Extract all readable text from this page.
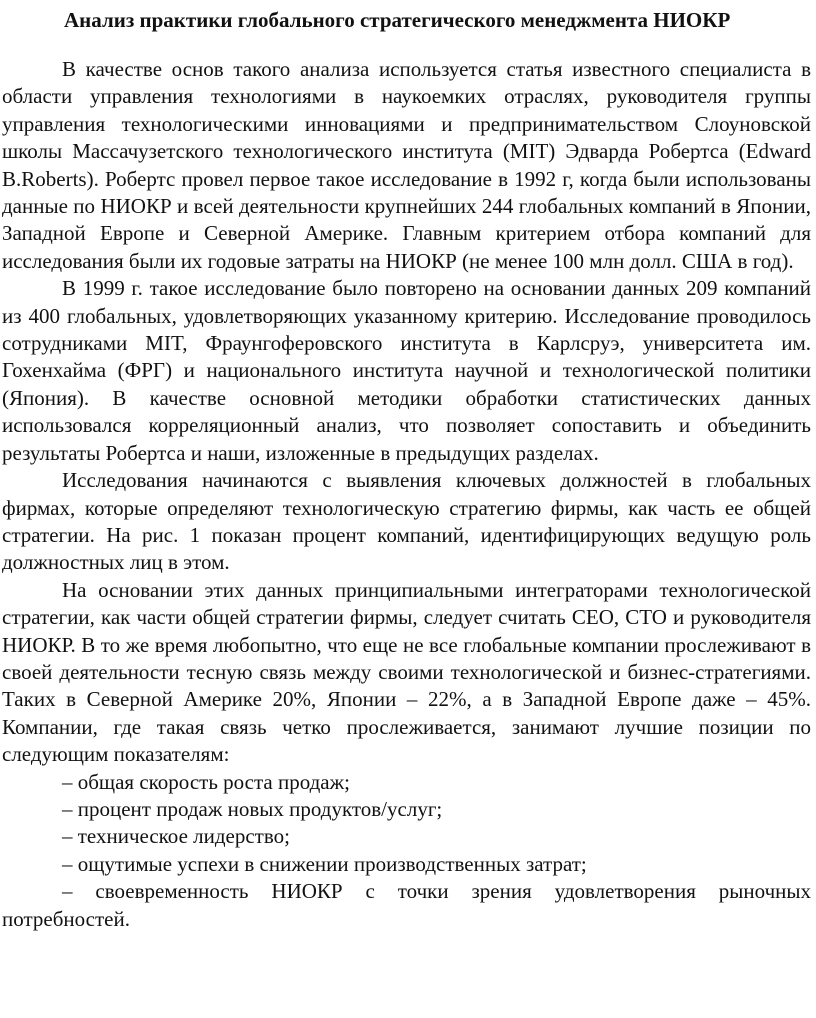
Анализ практики глобального стратегического менеджмента НИОКР

В качестве основ такого анализа используется статья известного специалиста в области управления технологиями в наукоемких отраслях, руководителя группы управления технологическими инновациями и предпринимательством Слоуновской школы Массачузетского технологического института (МIT) Эдварда Робертса (Edward B.Roberts). Робертс провел первое такое исследование в 1992 г, когда были использованы данные по НИОКР и всей деятельности крупнейших 244 глобальных компаний в Японии, Западной Европе и Северной Америке. Главным критерием отбора компаний для исследования были их годовые затраты на НИОКР (не менее 100 млн долл. США в год).

В 1999 г. такое исследование было повторено на основании данных 209 компаний из 400 глобальных, удовлетворяющих указанному критерию. Исследование проводилось сотрудниками МIT, Фраунгоферовского института в Карлсруэ, университета им. Гохенхайма (ФРГ) и национального института научной и технологической политики (Япония). В качестве основной методики обработки статистических данных использовался корреляционный анализ, что позволяет сопоставить и объединить результаты Робертса и наши, изложенные в предыдущих разделах.

Исследования начинаются с выявления ключевых должностей в глобальных фирмах, которые определяют технологическую стратегию фирмы, как часть ее общей стратегии. На рис. 1 показан процент компаний, идентифицирующих ведущую роль должностных лиц в этом.

На основании этих данных принципиальными интеграторами технологической стратегии, как части общей стратегии фирмы, следует считать СЕО, СТО и руководителя НИОКР. В то же время любопытно, что еще не все глобальные компании прослеживают в своей деятельности тесную связь между своими технологической и бизнес-стратегиями. Таких в Северной Америке 20%, Японии – 22%, а в Западной Европе даже – 45%. Компании, где такая связь четко прослеживается, занимают лучшие позиции по следующим показателям:

– общая скорость роста продаж;

– процент продаж новых продуктов/услуг;

– техническое лидерство;

– ощутимые успехи в снижении производственных затрат;

– своевременность НИОКР с точки зрения удовлетворения рыночных потребностей.
